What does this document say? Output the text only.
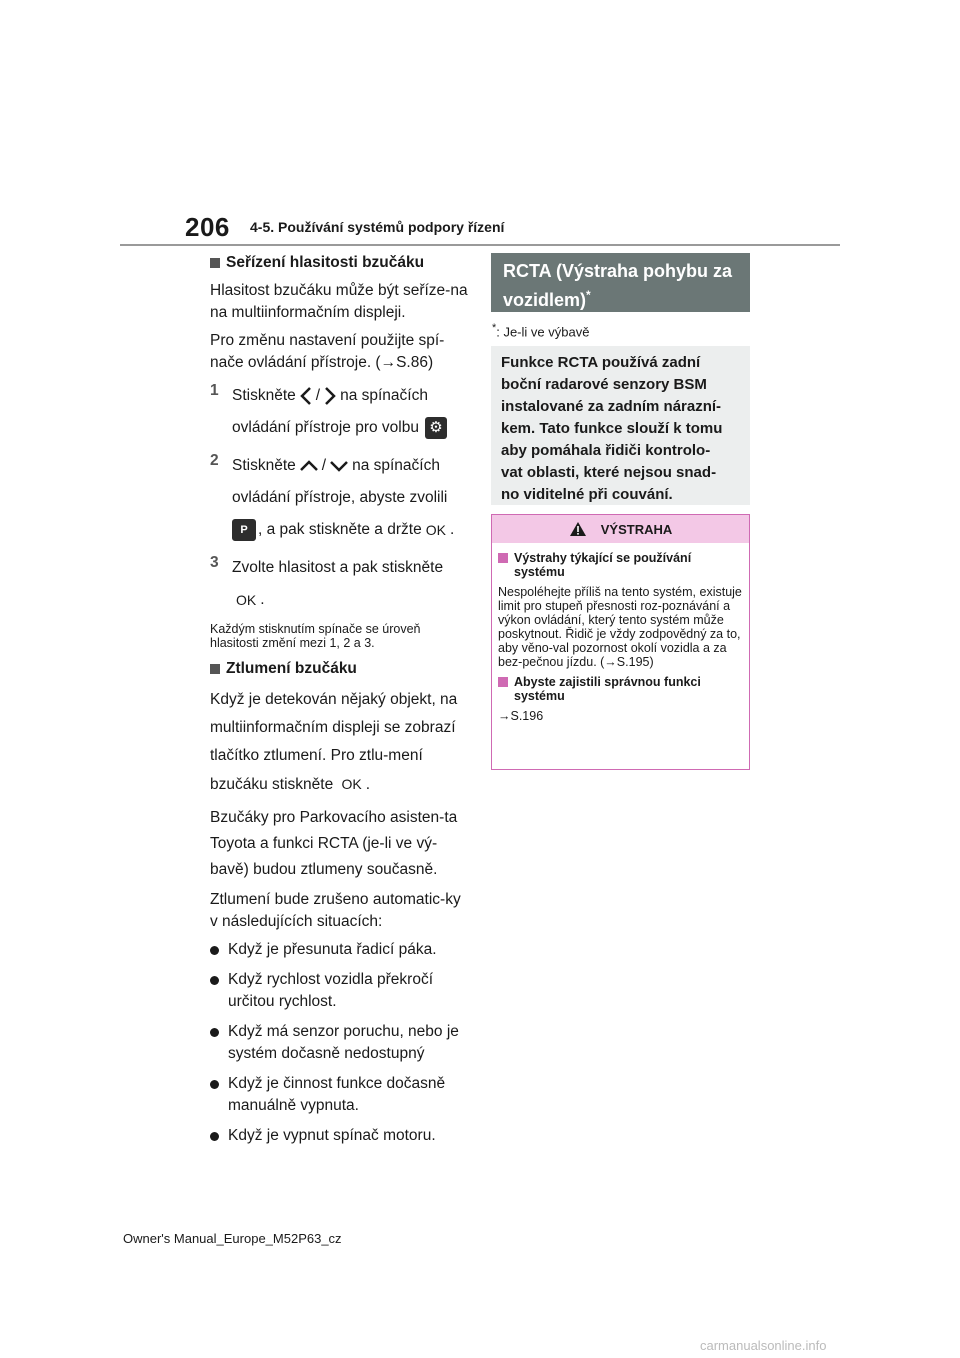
206 4-5. Používání systémů podpory řízení
Seřízení hlasitosti bzučáku

Hlasitost bzučáku může být seříze-na na multiinformačním displeji.

Pro změnu nastavení použijte spí-nače ovládání přístroje. (→S.86)

1 Stiskněte / na spínačích
ovládání přístroje pro volbu ⚙
2 Stiskněte / na spínačích
ovládání přístroje, abyste zvolili
P , a pak stiskněte a držte OK .
3 Zvolte hlasitost a pak stiskněte
OK .
Každým stisknutím spínače se úroveň hlasitosti změní mezi 1, 2 a 3.
Ztlumení bzučáku

Když je detekován nějaký objekt, na multiinformačním displeji se zobrazí tlačítko ztlumení. Pro ztlu-mení bzučáku stiskněte OK .

Bzučáky pro Parkovacího asisten-ta Toyota a funkci RCTA (je-li ve vý-bavě) budou ztlumeny současně.

Ztlumení bude zrušeno automatic-ky v následujících situacích:

Když je přesunuta řadicí páka.
Když rychlost vozidla překročí určitou rychlost.
Když má senzor poruchu, nebo je systém dočasně nedostupný
Když je činnost funkce dočasně manuálně vypnuta.
Když je vypnut spínač motoru.
RCTA (Výstraha pohybu za vozidlem)*
*: Je-li ve výbavě
Funkce RCTA používá zadní
boční radarové senzory BSM
instalované za zadním nárazní-
kem. Tato funkce slouží k tomu
aby pomáhala řidiči kontrolo-
vat oblasti, které nejsou snad-
no viditelné při couvání.
VÝSTRAHA
Výstrahy týkající se používání systému

Nespoléhejte příliš na tento systém, existuje limit pro stupeň přesnosti roz-poznávání a výkon ovládání, který tento systém může poskytnout. Řidič je vždy zodpovědný za to, aby věno-val pozornost okolí vozidla a za bez-pečnou jízdu. (→S.195)

Abyste zajistili správnou funkci systému

→S.196

Owner's Manual_Europe_M52P63_cz
carmanualsonline.info
